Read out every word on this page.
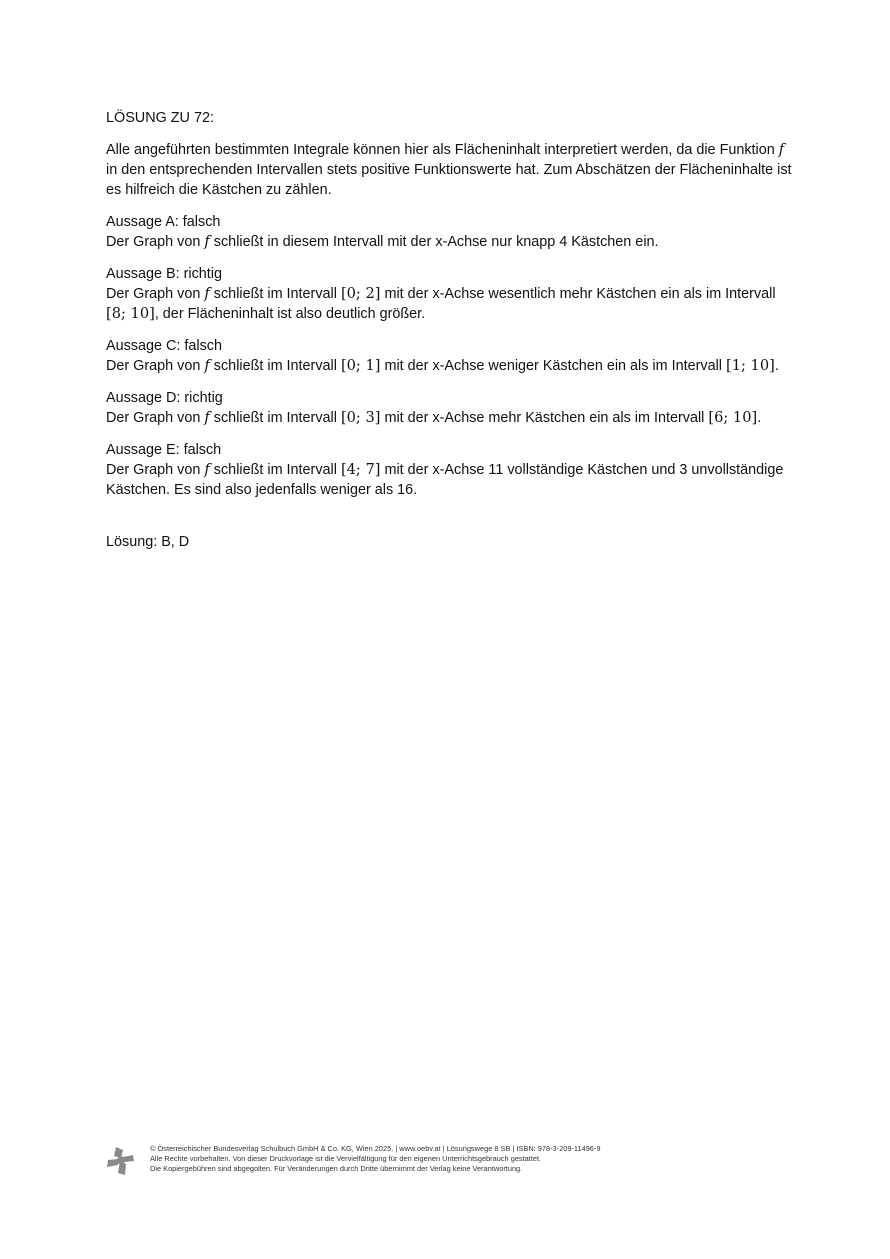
LÖSUNG ZU 72:

Alle angeführten bestimmten Integrale können hier als Flächeninhalt interpretiert werden, da die Funktion f in den entsprechenden Intervallen stets positive Funktionswerte hat. Zum Abschätzen der Flächeninhalte ist es hilfreich die Kästchen zu zählen.

Aussage A: falsch
Der Graph von f schließt in diesem Intervall mit der x-Achse nur knapp 4 Kästchen ein.
Aussage B: richtig
Der Graph von f schließt im Intervall [0; 2] mit der x-Achse wesentlich mehr Kästchen ein als im Intervall [8; 10], der Flächeninhalt ist also deutlich größer.
Aussage C: falsch
Der Graph von f schließt im Intervall [0; 1] mit der x-Achse weniger Kästchen ein als im Intervall [1; 10].
Aussage D: richtig
Der Graph von f schließt im Intervall [0; 3] mit der x-Achse mehr Kästchen ein als im Intervall [6; 10].
Aussage E: falsch
Der Graph von f schließt im Intervall [4; 7] mit der x-Achse 11 vollständige Kästchen und 3 unvollständige Kästchen. Es sind also jedenfalls weniger als 16.

Lösung: B, D

© Österreichischer Bundesverlag Schulbuch GmbH & Co. KG, Wien 2025. | www.oebv.at | Lösungswege 8 SB | ISBN: 978-3-209-11496-9
Alle Rechte vorbehalten. Von dieser Druckvorlage ist die Vervielfältigung für den eigenen Unterrichtsgebrauch gestattet.
Die Kopiergebühren sind abgegolten. Für Veränderungen durch Dritte übernimmt der Verlag keine Verantwortung.
